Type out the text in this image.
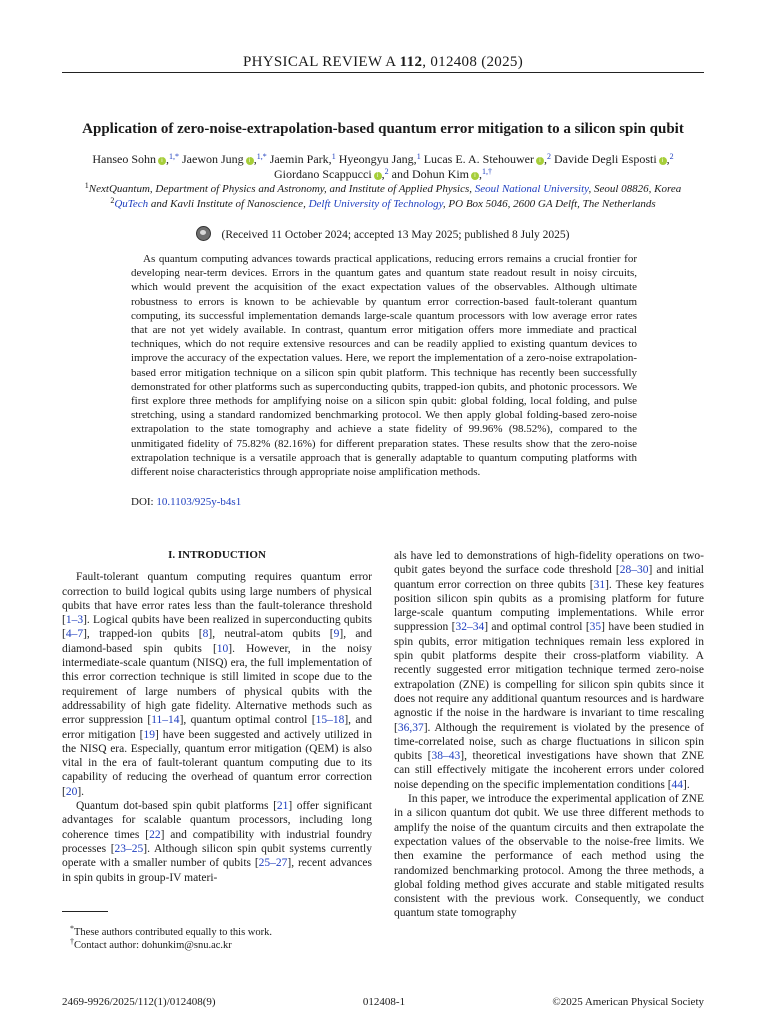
PHYSICAL REVIEW A 112, 012408 (2025)
Application of zero-noise-extrapolation-based quantum error mitigation to a silicon spin qubit
Hanseo Sohn i ,$^{1,*}$ Jaewon Jung i ,$^{1,*}$ Jaemin Park,$^1$ Hyeongyu Jang,$^1$ Lucas E. A. Stehouwer i ,$^2$ Davide Degli Esposti i ,$^2$
Giordano Scappucci i ,$^2$ and Dohun Kim i ,$^{1,\dagger}$
$^1$NextQuantum, Department of Physics and Astronomy, and Institute of Applied Physics, Seoul National University, Seoul 08826, Korea
$^2$QuTech and Kavli Institute of Nanoscience, Delft University of Technology, PO Box 5046, 2600 GA Delft, The Netherlands
(Received 11 October 2024; accepted 13 May 2025; published 8 July 2025)

As quantum computing advances towards practical applications, reducing errors remains a crucial frontier for developing near-term devices. Errors in the quantum gates and quantum state readout result in noisy circuits, which would prevent the acquisition of the exact expectation values of the observables. Although ultimate robustness to errors is known to be achievable by quantum error correction-based fault-tolerant quantum computing, its successful implementation demands large-scale quantum processors with low average error rates that are not yet widely available. In contrast, quantum error mitigation offers more immediate and practical techniques, which do not require extensive resources and can be readily applied to existing quantum devices to improve the accuracy of the expectation values. Here, we report the implementation of a zero-noise extrapolation-based error mitigation technique on a silicon spin qubit platform. This technique has recently been successfully demonstrated for other platforms such as superconducting qubits, trapped-ion qubits, and photonic processors. We first explore three methods for amplifying noise on a silicon spin qubit: global folding, local folding, and pulse stretching, using a standard randomized benchmarking protocol. We then apply global folding-based zero-noise extrapolation to the state tomography and achieve a state fidelity of 99.96% (98.52%), compared to the unmitigated fidelity of 75.82% (82.16%) for different preparation states. These results show that the zero-noise extrapolation technique is a versatile approach that is generally adaptable to quantum computing platforms with different noise characteristics through appropriate noise amplification methods.

DOI: 10.1103/925y-b4s1
I. INTRODUCTION

Fault-tolerant quantum computing requires quantum error correction to build logical qubits using large numbers of physical qubits that have error rates less than the fault-tolerance threshold [1–3]. Logical qubits have been realized in superconducting qubits [4–7], trapped-ion qubits [8], neutral-atom qubits [9], and diamond-based spin qubits [10]. However, in the noisy intermediate-scale quantum (NISQ) era, the full implementation of this error correction technique is still limited in scope due to the requirement of large numbers of physical qubits with the addressability of high gate fidelity. Alternative methods such as error suppression [11–14], quantum optimal control [15–18], and error mitigation [19] have been suggested and actively utilized in the NISQ era. Especially, quantum error mitigation (QEM) is also vital in the era of fault-tolerant quantum computing due to its capability of reducing the overhead of quantum error correction [20].

Quantum dot-based spin qubit platforms [21] offer significant advantages for scalable quantum processors, including long coherence times [22] and compatibility with industrial foundry processes [23–25]. Although silicon spin qubit systems currently operate with a smaller number of qubits [25–27], recent advances in spin qubits in group-IV materi-

als have led to demonstrations of high-fidelity operations on two-qubit gates beyond the surface code threshold [28–30] and initial quantum error correction on three qubits [31]. These key features position silicon spin qubits as a promising platform for future large-scale quantum computing implementations. While error suppression [32–34] and optimal control [35] have been studied in spin qubits, error mitigation techniques remain less explored in spin qubit platforms despite their cross-platform viability. A recently suggested error mitigation technique termed zero-noise extrapolation (ZNE) is compelling for silicon spin qubits since it does not require any additional quantum resources and is hardware agnostic if the noise in the hardware is invariant to time rescaling [36,37]. Although the requirement is violated by the presence of time-correlated noise, such as charge fluctuations in silicon spin qubits [38–43], theoretical investigations have shown that ZNE can still effectively mitigate the incoherent errors under colored noise depending on the specific implementation conditions [44].

In this paper, we introduce the experimental application of ZNE in a silicon quantum dot qubit. We use three different methods to amplify the noise of the quantum circuits and then extrapolate the expectation values of the observable to the noise-free limits. We then examine the performance of each method using the randomized benchmarking protocol. Among the three methods, a global folding method gives accurate and stable mitigated results consistent with the previous work. Consequently, we conduct quantum state tomography

*These authors contributed equally to this work.
†Contact author: dohunkim@snu.ac.kr
2469-9926/2025/112(1)/012408(9)	012408-1	©2025 American Physical Society
